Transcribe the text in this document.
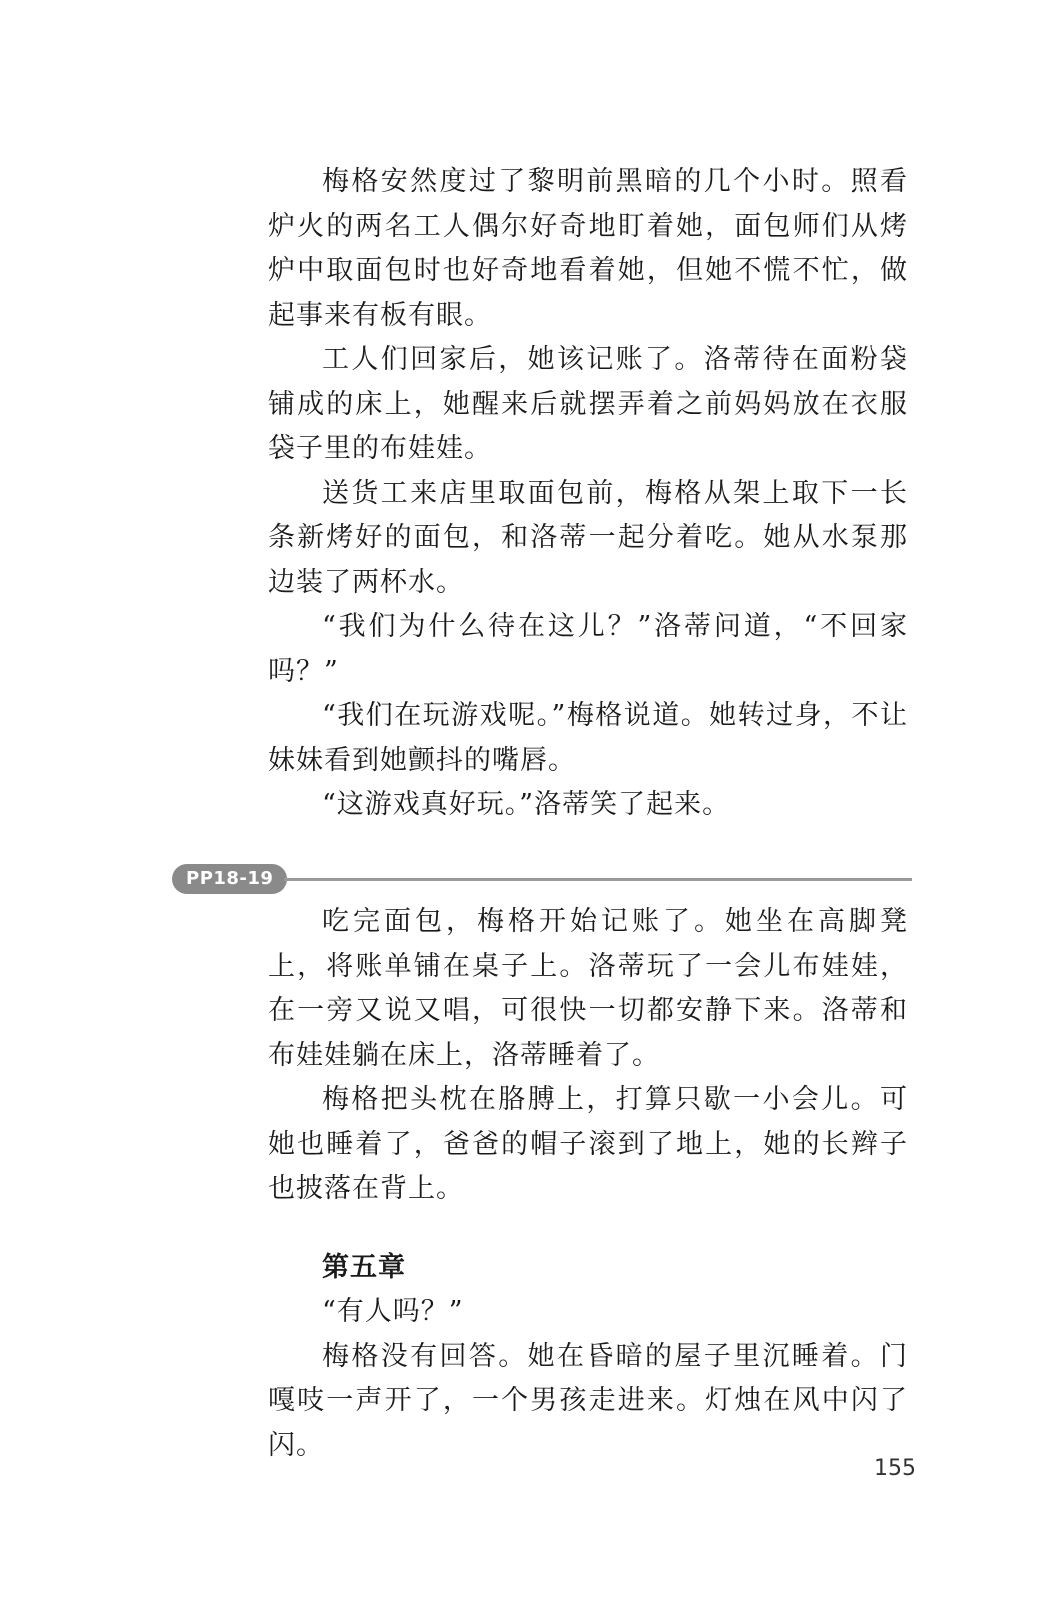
梅格安然度过了黎明前黑暗的几个小时。照看炉火的两名工人偶尔好奇地盯着她，面包师们从烤炉中取面包时也好奇地看着她，但她不慌不忙，做起事来有板有眼。

工人们回家后，她该记账了。洛蒂待在面粉袋铺成的床上，她醒来后就摆弄着之前妈妈放在衣服袋子里的布娃娃。

送货工来店里取面包前，梅格从架上取下一长条新烤好的面包，和洛蒂一起分着吃。她从水泵那边装了两杯水。

“我们为什么待在这儿？”洛蒂问道，“不回家吗？”

“我们在玩游戏呢。”梅格说道。她转过身，不让妹妹看到她颤抖的嘴唇。

“这游戏真好玩。”洛蒂笑了起来。

PP18-19

吃完面包，梅格开始记账了。她坐在高脚凳上，将账单铺在桌子上。洛蒂玩了一会儿布娃娃，在一旁又说又唱，可很快一切都安静下来。洛蒂和布娃娃躺在床上，洛蒂睡着了。

梅格把头枕在胳膊上，打算只歇一小会儿。可她也睡着了，爸爸的帽子滚到了地上，她的长辫子也披落在背上。

第五章

“有人吗？”

梅格没有回答。她在昏暗的屋子里沉睡着。门嘎吱一声开了，一个男孩走进来。灯烛在风中闪了闪。

155
